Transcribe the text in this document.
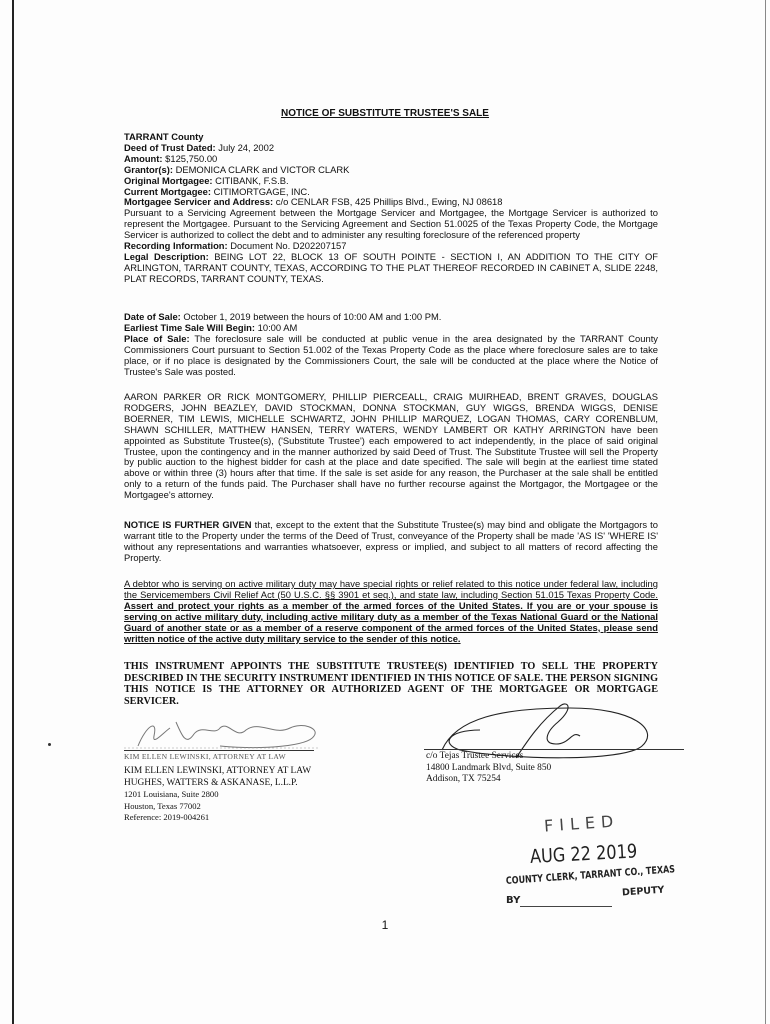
NOTICE OF SUBSTITUTE TRUSTEE'S SALE
TARRANT County
Deed of Trust Dated: July 24, 2002
Amount: $125,750.00
Grantor(s): DEMONICA CLARK and VICTOR CLARK
Original Mortgagee: CITIBANK, F.S.B.
Current Mortgagee: CITIMORTGAGE, INC.
Mortgagee Servicer and Address: c/o CENLAR FSB, 425 Phillips Blvd., Ewing, NJ 08618
Pursuant to a Servicing Agreement between the Mortgage Servicer and Mortgagee, the Mortgage Servicer is authorized to represent the Mortgagee. Pursuant to the Servicing Agreement and Section 51.0025 of the Texas Property Code, the Mortgage Servicer is authorized to collect the debt and to administer any resulting foreclosure of the referenced property
Recording Information: Document No. D202207157
Legal Description: BEING LOT 22, BLOCK 13 OF SOUTH POINTE - SECTION I, AN ADDITION TO THE CITY OF ARLINGTON, TARRANT COUNTY, TEXAS, ACCORDING TO THE PLAT THEREOF RECORDED IN CABINET A, SLIDE 2248, PLAT RECORDS, TARRANT COUNTY, TEXAS.
Date of Sale: October 1, 2019 between the hours of 10:00 AM and 1:00 PM.
Earliest Time Sale Will Begin: 10:00 AM
Place of Sale: The foreclosure sale will be conducted at public venue in the area designated by the TARRANT County Commissioners Court pursuant to Section 51.002 of the Texas Property Code as the place where foreclosure sales are to take place, or if no place is designated by the Commissioners Court, the sale will be conducted at the place where the Notice of Trustee's Sale was posted.
AARON PARKER OR RICK MONTGOMERY, PHILLIP PIERCEALL, CRAIG MUIRHEAD, BRENT GRAVES, DOUGLAS RODGERS, JOHN BEAZLEY, DAVID STOCKMAN, DONNA STOCKMAN, GUY WIGGS, BRENDA WIGGS, DENISE BOERNER, TIM LEWIS, MICHELLE SCHWARTZ, JOHN PHILLIP MARQUEZ, LOGAN THOMAS, CARY CORENBLUM, SHAWN SCHILLER, MATTHEW HANSEN, TERRY WATERS, WENDY LAMBERT OR KATHY ARRINGTON have been appointed as Substitute Trustee(s), ('Substitute Trustee') each empowered to act independently, in the place of said original Trustee, upon the contingency and in the manner authorized by said Deed of Trust. The Substitute Trustee will sell the Property by public auction to the highest bidder for cash at the place and date specified. The sale will begin at the earliest time stated above or within three (3) hours after that time. If the sale is set aside for any reason, the Purchaser at the sale shall be entitled only to a return of the funds paid. The Purchaser shall have no further recourse against the Mortgagor, the Mortgagee or the Mortgagee's attorney.
NOTICE IS FURTHER GIVEN that, except to the extent that the Substitute Trustee(s) may bind and obligate the Mortgagors to warrant title to the Property under the terms of the Deed of Trust, conveyance of the Property shall be made 'AS IS' 'WHERE IS' without any representations and warranties whatsoever, express or implied, and subject to all matters of record affecting the Property.
A debtor who is serving on active military duty may have special rights or relief related to this notice under federal law, including the Servicemembers Civil Relief Act (50 U.S.C. §§ 3901 et seq.), and state law, including Section 51.015 Texas Property Code. Assert and protect your rights as a member of the armed forces of the United States. If you are or your spouse is serving on active military duty, including active military duty as a member of the Texas National Guard or the National Guard of another state or as a member of a reserve component of the armed forces of the United States, please send written notice of the active duty military service to the sender of this notice.
THIS INSTRUMENT APPOINTS THE SUBSTITUTE TRUSTEE(S) IDENTIFIED TO SELL THE PROPERTY DESCRIBED IN THE SECURITY INSTRUMENT IDENTIFIED IN THIS NOTICE OF SALE. THE PERSON SIGNING THIS NOTICE IS THE ATTORNEY OR AUTHORIZED AGENT OF THE MORTGAGEE OR MORTGAGE SERVICER.
KIM ELLEN LEWINSKI, ATTORNEY AT LAW
KIM ELLEN LEWINSKI, ATTORNEY AT LAW
HUGHES, WATTERS & ASKANASE, L.L.P.
1201 Louisiana, Suite 2800
Houston, Texas 77002
Reference: 2019-004261
c/o Tejas Trustee Services
14800 Landmark Blvd, Suite 850
Addison, TX 75254
FILED
AUG 22 2019
COUNTY CLERK, TARRANT CO., TEXAS
BY
DEPUTY
1
